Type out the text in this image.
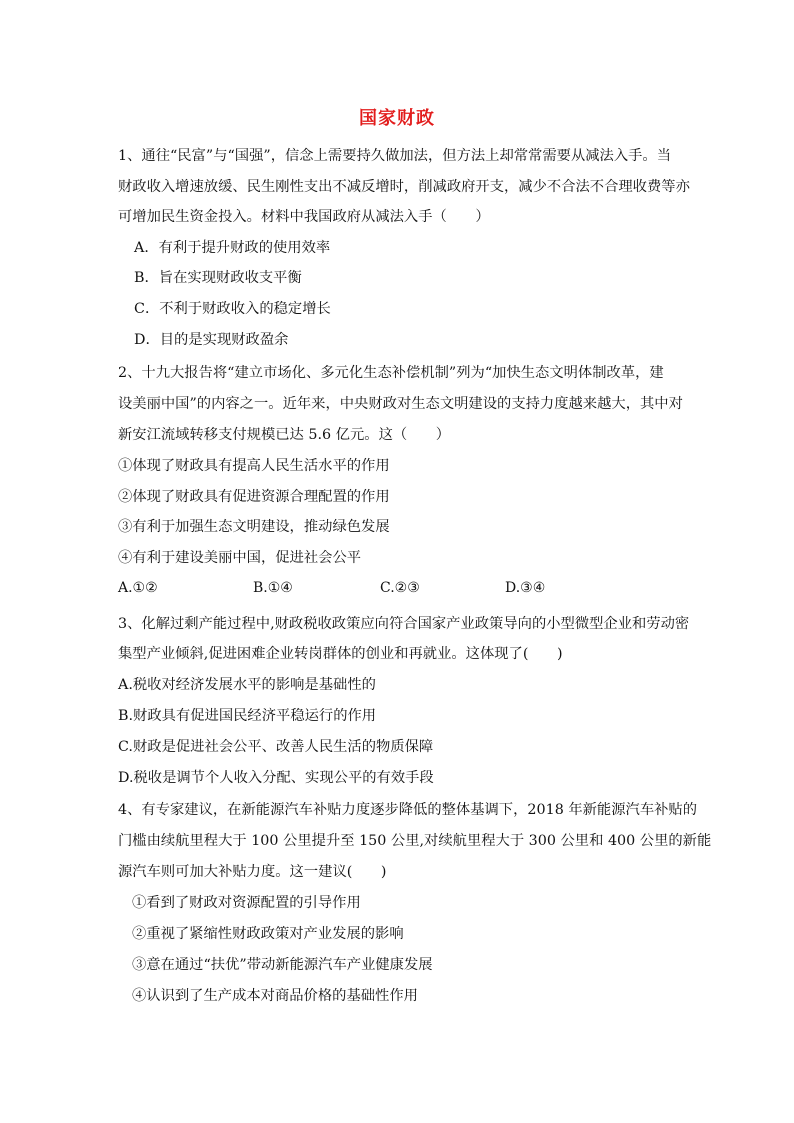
国家财政
1、通往“民富”与“国强”，信念上需要持久做加法，但方法上却常常需要从减法入手。当
财政收入增速放缓、民生刚性支出不减反增时，削减政府开支，减少不合法不合理收费等亦
可增加民生资金投入。材料中我国政府从减法入手（　　）
A．有利于提升财政的使用效率
B．旨在实现财政收支平衡
C．不利于财政收入的稳定增长
D．目的是实现财政盈余
2、十九大报告将“建立市场化、多元化生态补偿机制”列为“加快生态文明体制改革，建
设美丽中国”的内容之一。近年来，中央财政对生态文明建设的支持力度越来越大，其中对
新安江流域转移支付规模已达 5.6 亿元。这（　　）
①体现了财政具有提高人民生活水平的作用
②体现了财政具有促进资源合理配置的作用
③有利于加强生态文明建设，推动绿色发展
④有利于建设美丽中国，促进社会公平
A.①②	B.①④	C.②③	D.③④
3、化解过剩产能过程中,财政税收政策应向符合国家产业政策导向的小型微型企业和劳动密
集型产业倾斜,促进困难企业转岗群体的创业和再就业。这体现了(　　)
A.税收对经济发展水平的影响是基础性的
B.财政具有促进国民经济平稳运行的作用
C.财政是促进社会公平、改善人民生活的物质保障
D.税收是调节个人收入分配、实现公平的有效手段
4、有专家建议，在新能源汽车补贴力度逐步降低的整体基调下，2018 年新能源汽车补贴的
门槛由续航里程大于 100 公里提升至 150 公里,对续航里程大于 300 公里和 400 公里的新能
源汽车则可加大补贴力度。这一建议(　　)
①看到了财政对资源配置的引导作用
②重视了紧缩性财政政策对产业发展的影响
③意在通过“扶优”带动新能源汽车产业健康发展
④认识到了生产成本对商品价格的基础性作用
